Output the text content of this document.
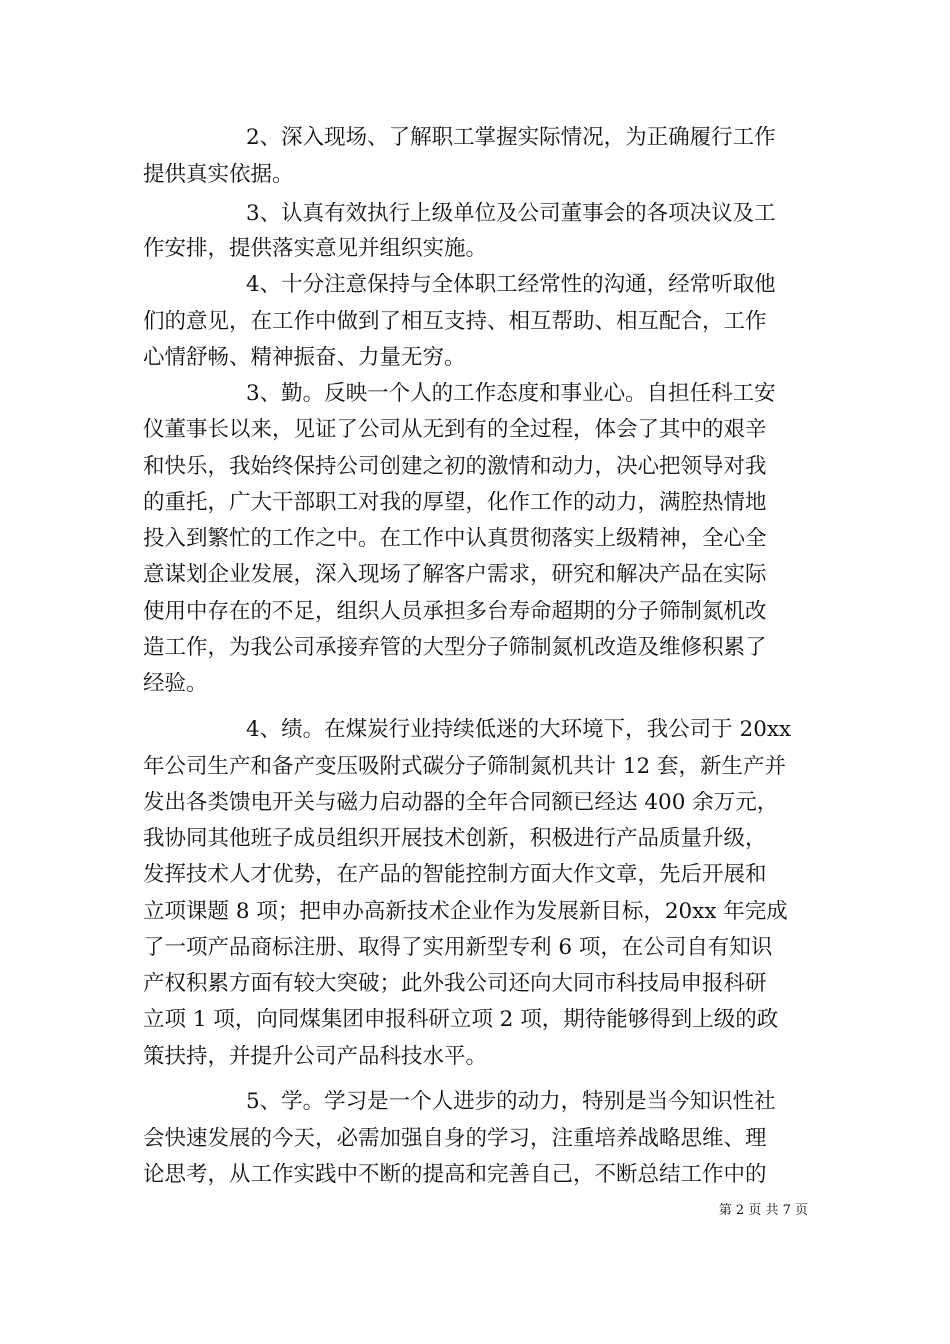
2、深入现场、了解职工掌握实际情况，为正确履行工作
提供真实依据。
3、认真有效执行上级单位及公司董事会的各项决议及工
作安排，提供落实意见并组织实施。
4、十分注意保持与全体职工经常性的沟通，经常听取他
们的意见，在工作中做到了相互支持、相互帮助、相互配合，工作
心情舒畅、精神振奋、力量无穷。
3、勤。反映一个人的工作态度和事业心。自担任科工安
仪董事长以来，见证了公司从无到有的全过程，体会了其中的艰辛
和快乐，我始终保持公司创建之初的激情和动力，决心把领导对我
的重托，广大干部职工对我的厚望，化作工作的动力，满腔热情地
投入到繁忙的工作之中。在工作中认真贯彻落实上级精神，全心全
意谋划企业发展，深入现场了解客户需求，研究和解决产品在实际
使用中存在的不足，组织人员承担多台寿命超期的分子筛制氮机改
造工作，为我公司承接弃管的大型分子筛制氮机改造及维修积累了
经验。
4、绩。在煤炭行业持续低迷的大环境下，我公司于 20xx
年公司生产和备产变压吸附式碳分子筛制氮机共计 12 套，新生产并
发出各类馈电开关与磁力启动器的全年合同额已经达 400 余万元，
我协同其他班子成员组织开展技术创新，积极进行产品质量升级，
发挥技术人才优势，在产品的智能控制方面大作文章，先后开展和
立项课题 8 项；把申办高新技术企业作为发展新目标，20xx 年完成
了一项产品商标注册、取得了实用新型专利 6 项，在公司自有知识
产权积累方面有较大突破；此外我公司还向大同市科技局申报科研
立项 1 项，向同煤集团申报科研立项 2 项，期待能够得到上级的政
策扶持，并提升公司产品科技水平。
5、学。学习是一个人进步的动力，特别是当今知识性社
会快速发展的今天，必需加强自身的学习，注重培养战略思维、理
论思考，从工作实践中不断的提高和完善自己，不断总结工作中的
第 2 页 共 7 页
